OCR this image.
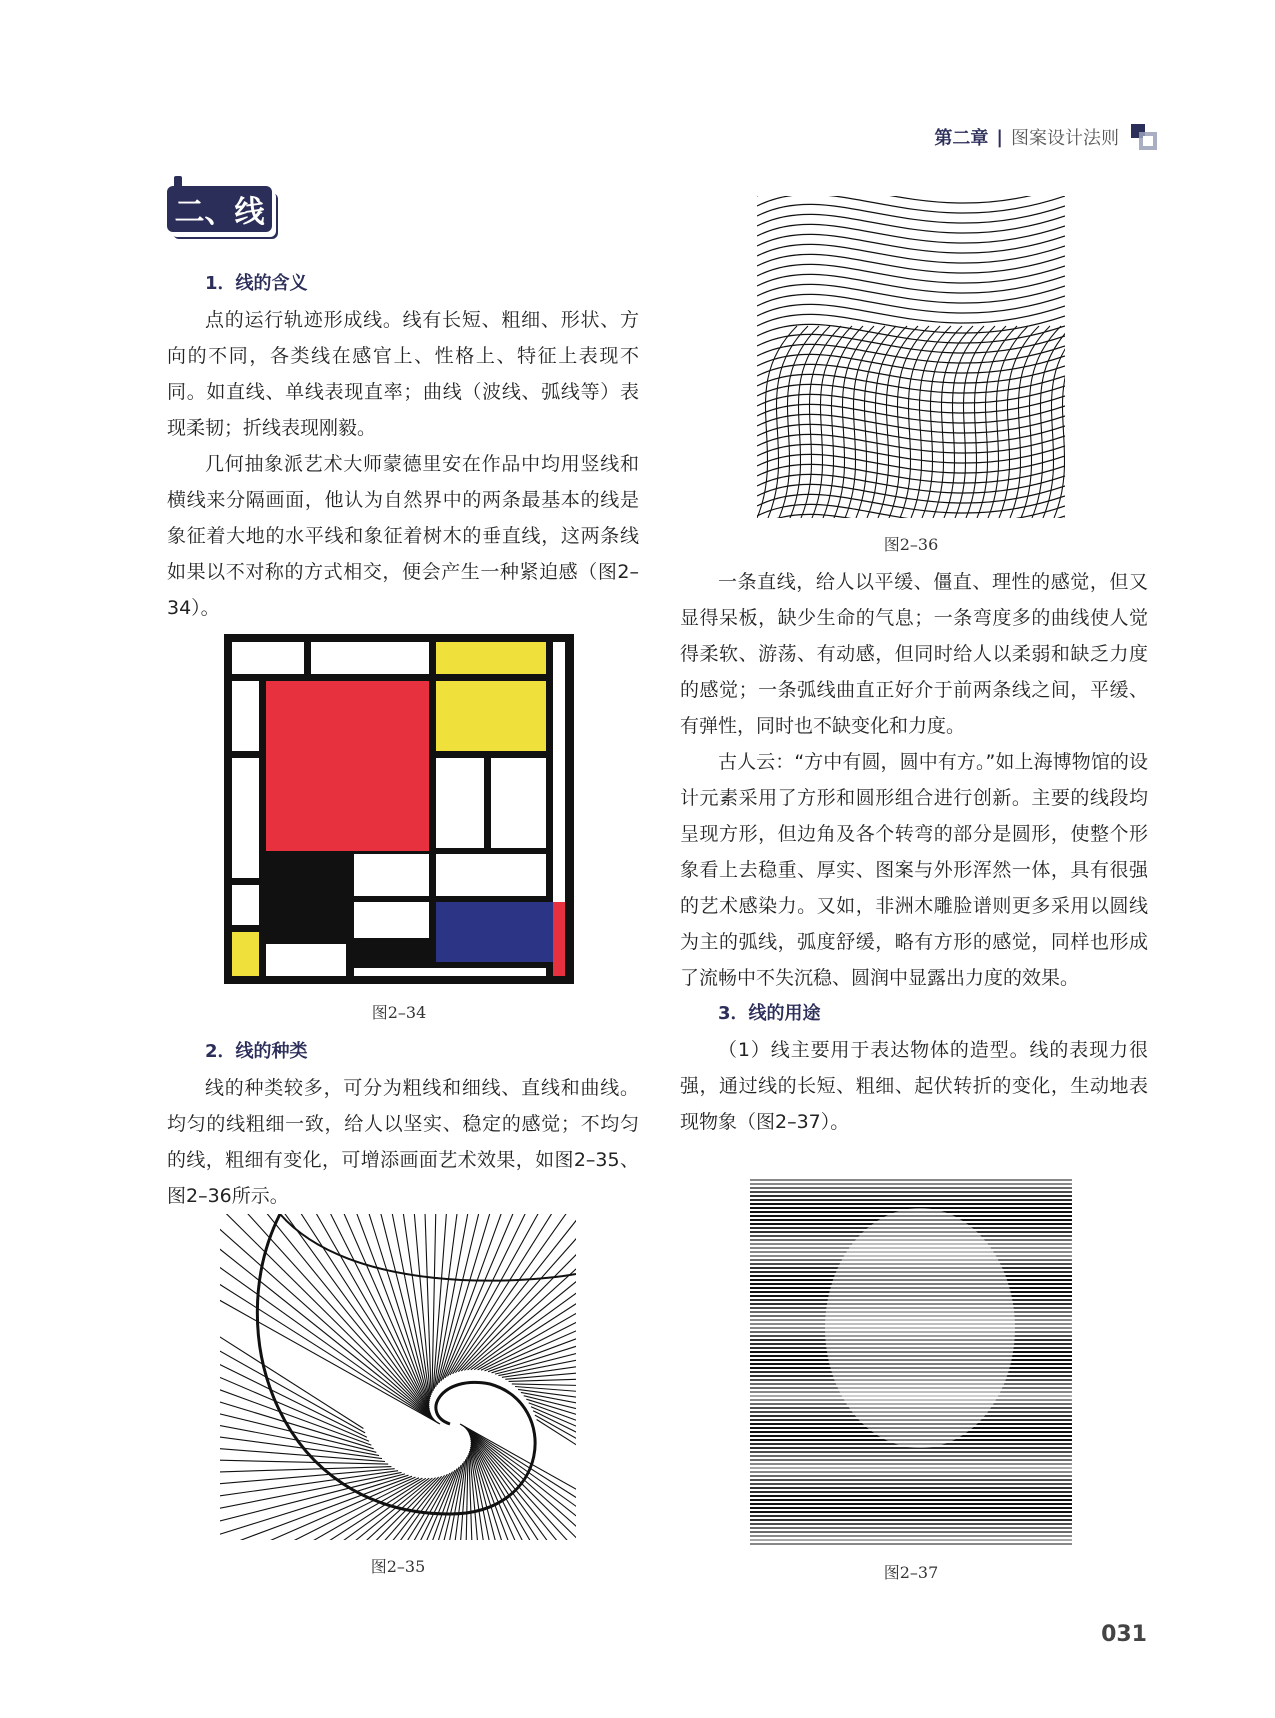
第二章 | 图案设计法则
二、线
1．线的含义

点的运行轨迹形成线。线有长短、粗细、形状、方向的不同，各类线在感官上、性格上、特征上表现不同。如直线、单线表现直率；曲线（波线、弧线等）表现柔韧；折线表现刚毅。

几何抽象派艺术大师蒙德里安在作品中均用竖线和横线来分隔画面，他认为自然界中的两条最基本的线是象征着大地的水平线和象征着树木的垂直线，这两条线如果以不对称的方式相交，便会产生一种紧迫感（图2–34）。

图2–34
2．线的种类

线的种类较多，可分为粗线和细线、直线和曲线。均匀的线粗细一致，给人以坚实、稳定的感觉；不均匀的线，粗细有变化，可增添画面艺术效果，如图2–35、图2–36所示。

图2–35
图2–36

一条直线，给人以平缓、僵直、理性的感觉，但又显得呆板，缺少生命的气息；一条弯度多的曲线使人觉得柔软、游荡、有动感，但同时给人以柔弱和缺乏力度的感觉；一条弧线曲直正好介于前两条线之间，平缓、有弹性，同时也不缺变化和力度。

古人云：“方中有圆，圆中有方。”如上海博物馆的设计元素采用了方形和圆形组合进行创新。主要的线段均呈现方形，但边角及各个转弯的部分是圆形，使整个形象看上去稳重、厚实、图案与外形浑然一体，具有很强的艺术感染力。又如，非洲木雕脸谱则更多采用以圆线为主的弧线，弧度舒缓，略有方形的感觉，同样也形成了流畅中不失沉稳、圆润中显露出力度的效果。

3．线的用途

（1）线主要用于表达物体的造型。线的表现力很强，通过线的长短、粗细、起伏转折的变化，生动地表现物象（图2–37）。

图2–37
031
